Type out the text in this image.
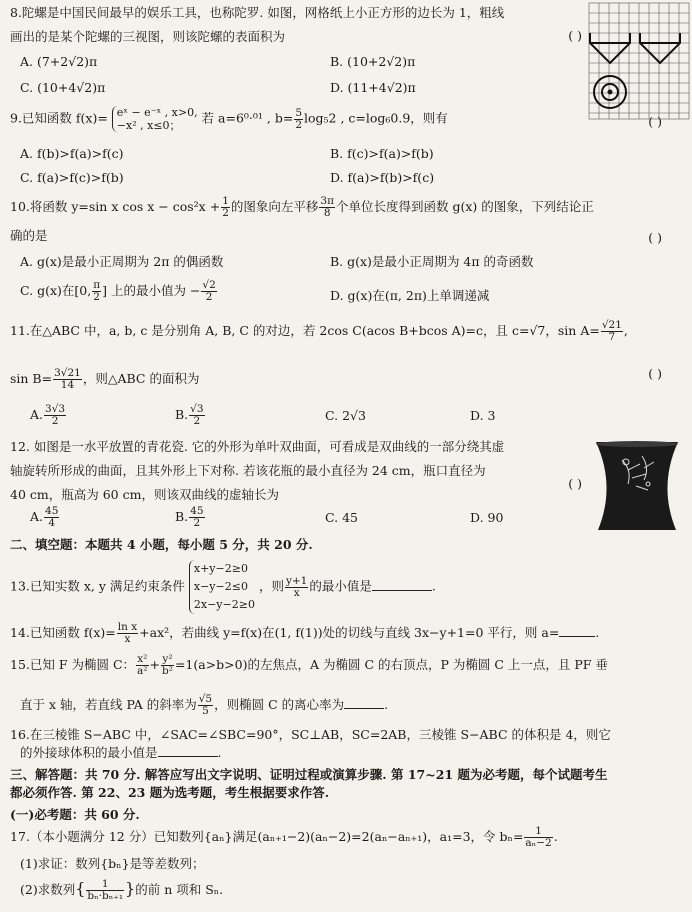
8.陀螺是中国民间最早的娱乐工具，也称陀罗. 如图，网格纸上小正方形的边长为 1，粗线
画出的是某个陀螺的三视图，则该陀螺的表面积为	( )
A. (7+2√2)π	B. (10+2√2)π
C. (10+4√2)π	D. (11+4√2)π
9.已知函数 f(x)= eˣ − e⁻ˣ , x>0,
−x² , x≤0；	若 a=6⁰·⁰¹ , $b= \frac{5}{2} \log_52$ , c=log₆0.9，则有	( )
A. f(b)>f(a)>f(c)	B. f(c)>f(a)>f(b)
C. f(a)>f(c)>f(b)	D. f(a)>f(b)>f(c)
10.将函数 y=sin x $\cos x - \cos^2x + \frac{1}{2}$ 的图象向左平移 $\frac{3\pi}{8}$ 个单位长度得到函数 g(x) 的图象，下列结论正
确的是	( )
A. g(x)是最小正周期为 2π 的偶函数	B. g(x)是最小正周期为 4π 的奇函数
C. g(x)在[0, $\frac{\pi}{2}$ ] 上的最小值为 − $\frac{√2}{2}$	D. g(x)在(π, 2π)上单调递减
11.在△ABC 中，a, b, c 是分别角 A, B, C 的对边，若 2cos C(acos B+bcos A)=c，且 c=√7，$\sin A= \frac{√21}{7}$ ,
$\sin B= \frac{3√21}{14}$ ，则△ABC 的面积为	( )
A. $\frac{3√3}{2}$	B. $\frac{√3}{2}$	C. 2√3	D. 3
12. 如图是一水平放置的青花瓷. 它的外形为单叶双曲面，可看成是双曲线的一部分绕其虚
轴旋转所形成的曲面，且其外形上下对称. 若该花瓶的最小直径为 24 cm，瓶口直径为
40 cm，瓶高为 60 cm，则该双曲线的虚轴长为
( )
A. $\frac{45}{4}$	B. $\frac{45}{2}$	C. 45	D. 90
二、填空题：本题共 4 小题，每小题 5 分，共 20 分.
13.已知实数 x, y 满足约束条件
x+y−2≥0
x−y−2≤0
2x−y−2≥0
，则 $\frac{y+1}{x}$ 的最小值是	.
14.已知函数 $f(x)= \frac{\text{ln x}}{x} +ax^2$，若曲线 y=f(x)在(1, f(1))处的切线与直线 3x−y+1=0 平行，则 a=	.
15.已知 F 为椭圆 C： $\frac{\text{x²}}{\text{a²}} + \frac{\text{y²}}{\text{b²}} =1(a>b>0)$的左焦点，A 为椭圆 C 的右顶点，P 为椭圆 C 上一点，且 PF 垂
直于 x 轴，若直线 PA 的斜率为 $\frac{√5}{5}$ ，则椭圆 C 的离心率为	.
16.在三棱锥 S−ABC 中，∠SAC=∠SBC=90°，SC⊥AB，SC=2AB，三棱锥 S−ABC 的体积是 4，则它
的外接球体积的最小值是	.
三、解答题：共 70 分. 解答应写出文字说明、证明过程或演算步骤. 第 17~21 题为必考题，每个试题考生
都必须作答. 第 22、23 题为选考题，考生根据要求作答.
(一)必考题：共 60 分.
17.（本小题满分 12 分）已知数列{aₙ}满足(aₙ₊₁−2)(aₙ−2)=2(aₙ−aₙ₊₁)，a₁=3，令 $b_n= \frac{1}{\text{aₙ−2}}$ .
(1)求证：数列{bₙ}是等差数列；
(2)求数列{ $\frac{1}{\text{bₙ·bₙ₊₁}}$ }的前 n 项和 Sₙ.
